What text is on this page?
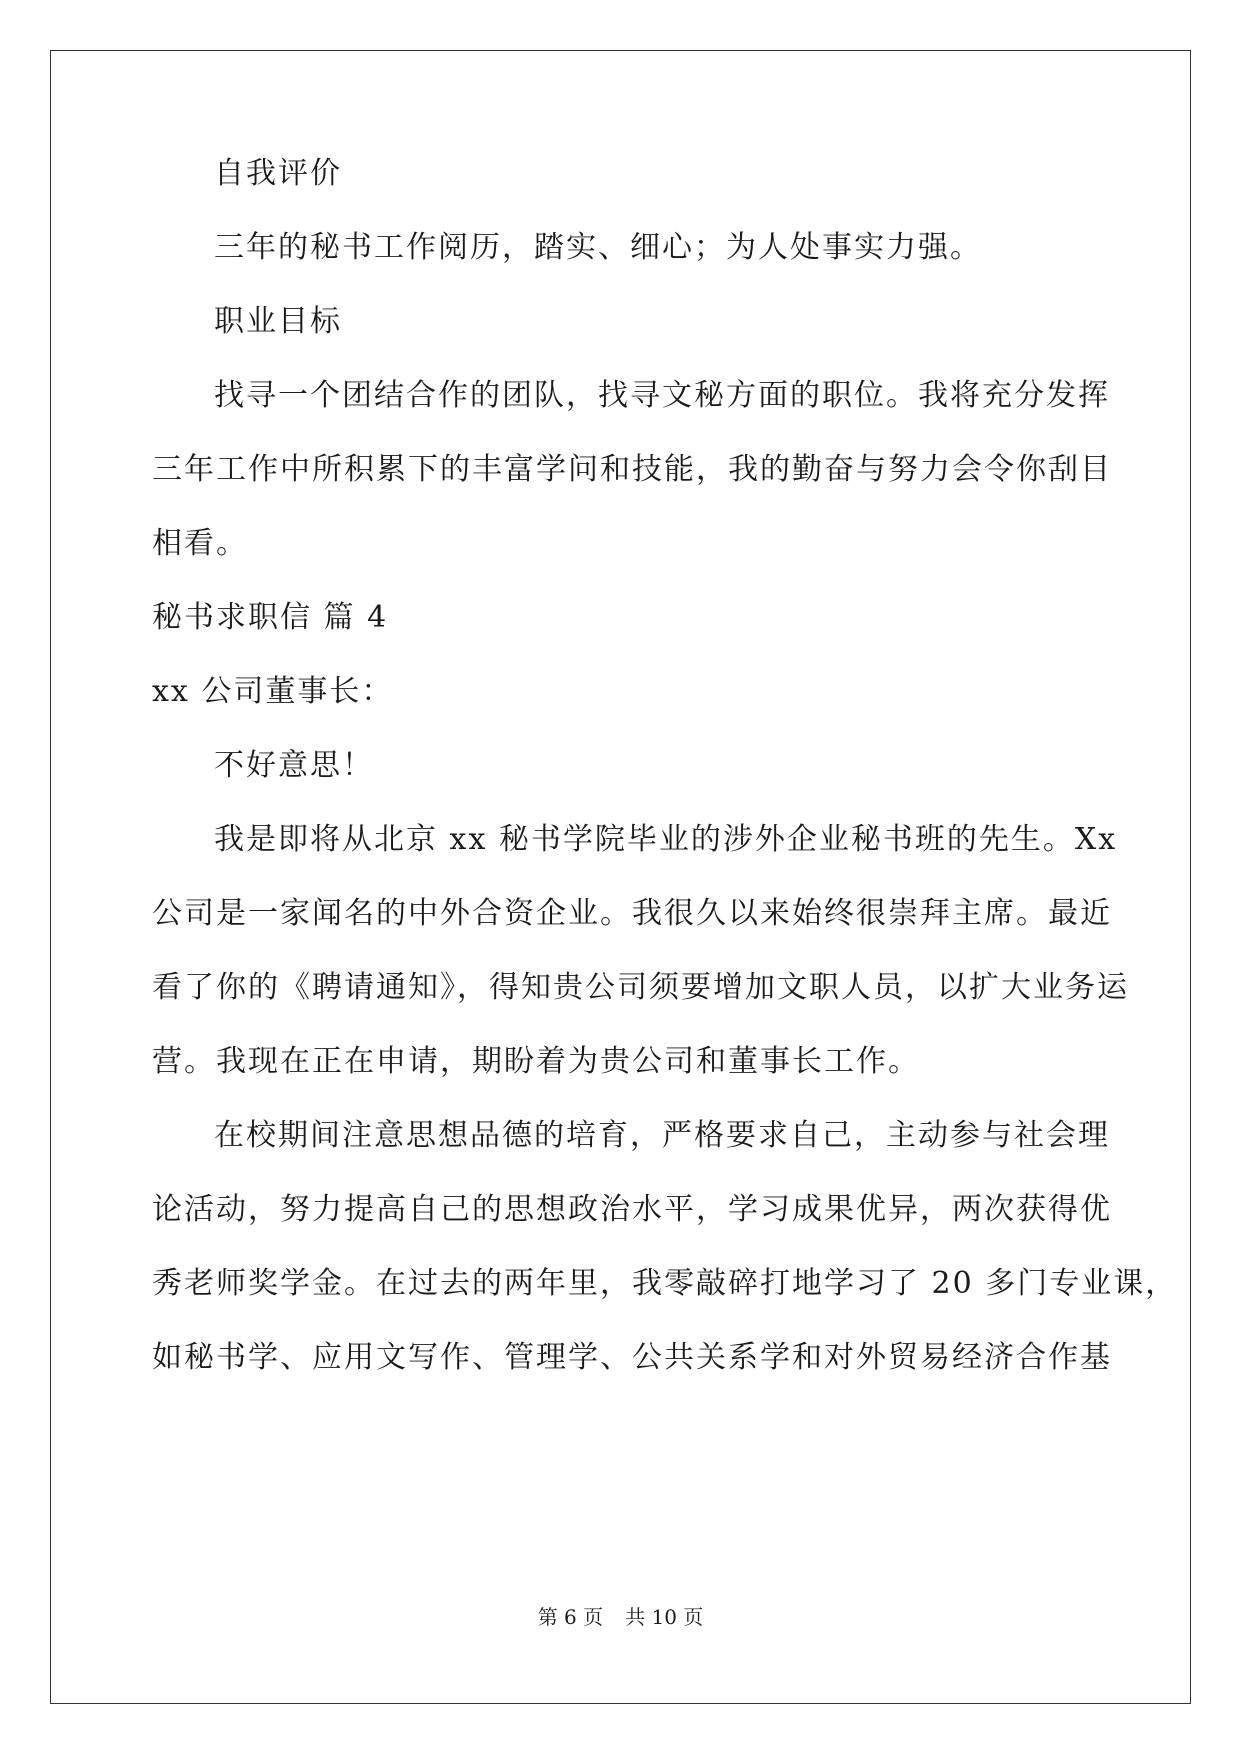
自我评价
三年的秘书工作阅历，踏实、细心；为人处事实力强。
职业目标
找寻一个团结合作的团队，找寻文秘方面的职位。我将充分发挥
三年工作中所积累下的丰富学问和技能，我的勤奋与努力会令你刮目
相看。
秘书求职信 篇 4
xx 公司董事长：
不好意思！
我是即将从北京 xx 秘书学院毕业的涉外企业秘书班的先生。Xx
公司是一家闻名的中外合资企业。我很久以来始终很崇拜主席。最近
看了你的《聘请通知》，得知贵公司须要增加文职人员，以扩大业务运
营。我现在正在申请，期盼着为贵公司和董事长工作。
在校期间注意思想品德的培育，严格要求自己，主动参与社会理
论活动，努力提高自己的思想政治水平，学习成果优异，两次获得优
秀老师奖学金。在过去的两年里，我零敲碎打地学习了 20 多门专业课，
如秘书学、应用文写作、管理学、公共关系学和对外贸易经济合作基
第 6 页 共 10 页
